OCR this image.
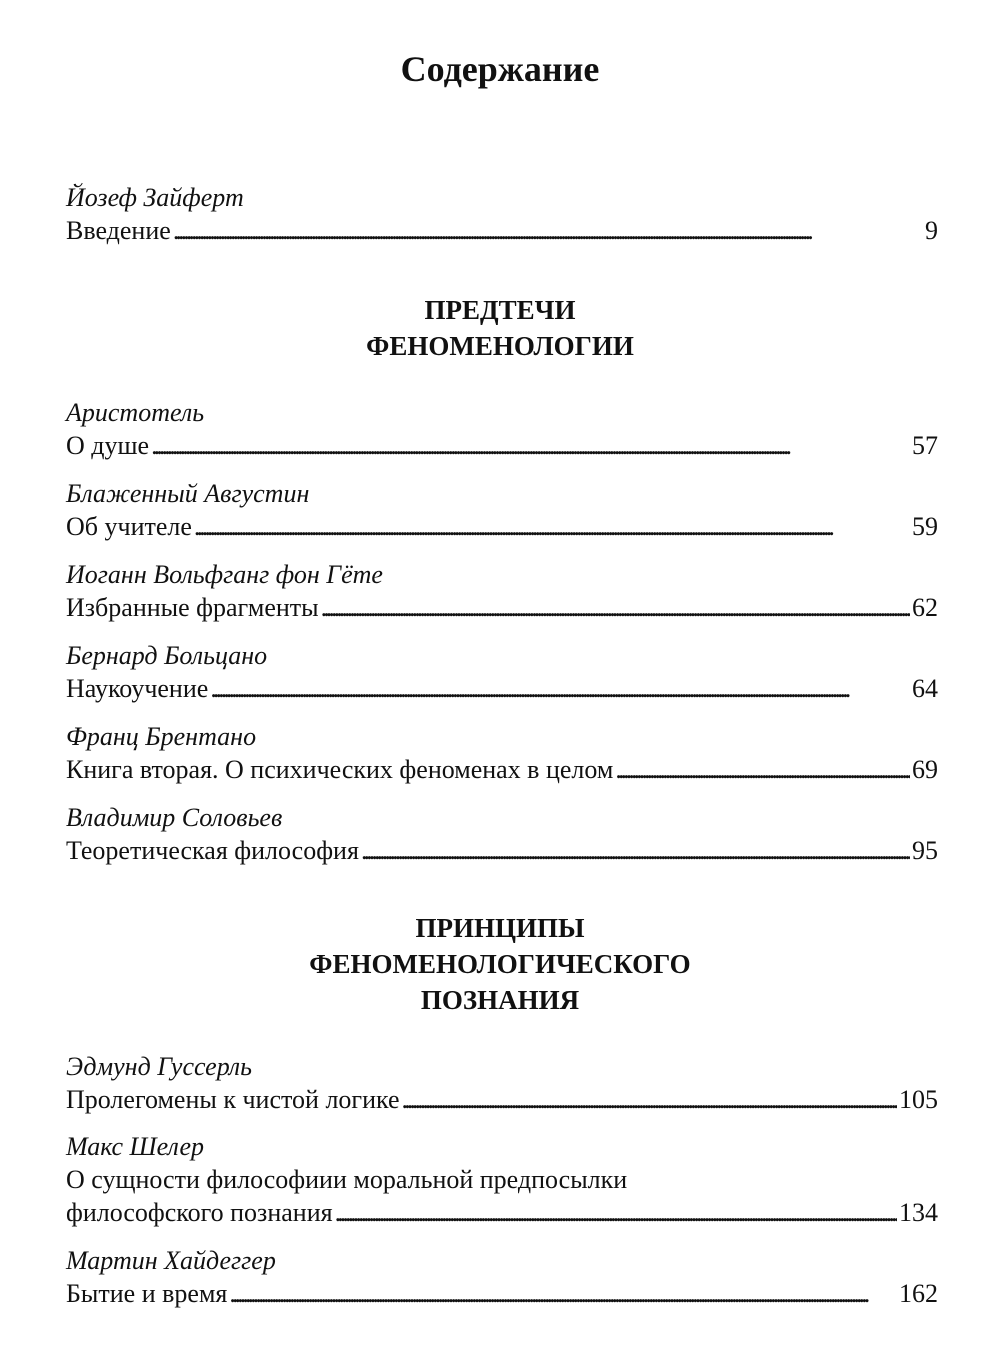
Содержание
Йозеф Зайферт
Введение . . .	9
ПРЕДТЕЧИ
ФЕНОМЕНОЛОГИИ
Аристотель
О душе . . .	57
Блаженный Августин
Об учителе . . .	59
Иоганн Вольфганг фон Гёте
Избранные фрагменты . . .	62
Бернард Больцано
Наукоучение . . .	64
Франц Брентано
Книга вторая. О психических феноменах в целом . . .	69
Владимир Соловьев
Теоретическая философия . . .	95
ПРИНЦИПЫ
ФЕНОМЕНОЛОГИЧЕСКОГО
ПОЗНАНИЯ
Эдмунд Гуссерль
Пролегомены к чистой логике . . .	105
Макс Шелер
О сущности философиии моральной предпосылки
философского познания . . .	134
Мартин Хайдеггер
Бытие и время . . .	162
